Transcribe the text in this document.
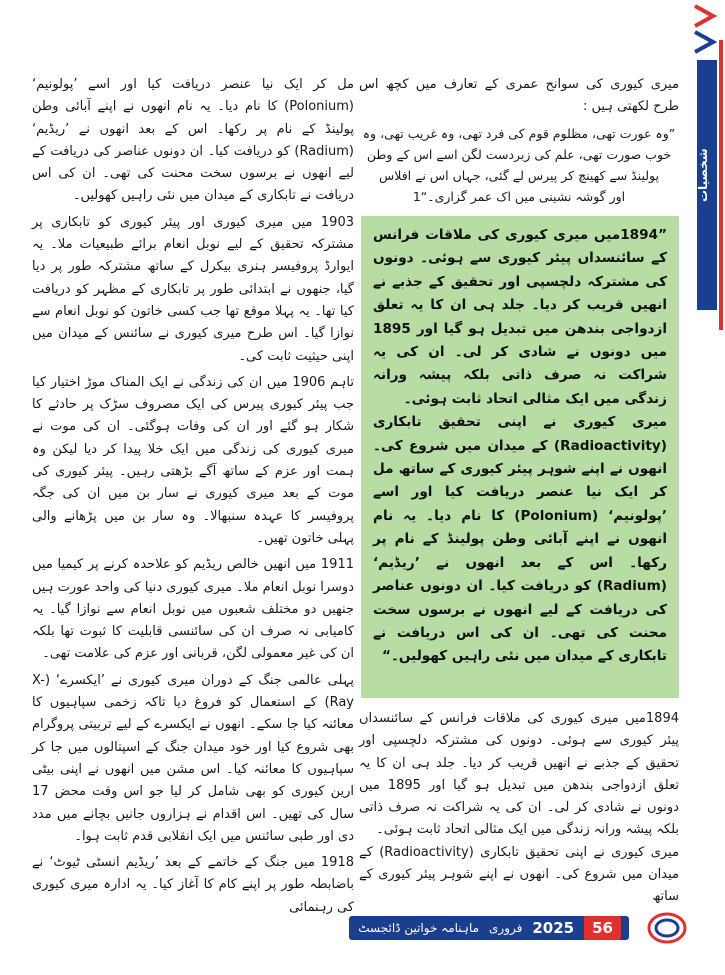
شخصیات

میری کیوری کی سوانح عمری کے تعارف میں کچھ اس طرح لکھتی ہیں :

”وہ عورت تھی، مظلوم قوم کی فرد تھی، وہ غریب تھی، وہ

خوب صورت تھی، علم کی زبردست لگن اسے اس کے وطن

پولینڈ سے کھینچ کر پیرس لے گئی، جہاں اس نے افلاس

اور گوشہ نشینی میں اک عمر گزاری۔“1

”1894میں میری کیوری کی ملاقات فرانس کے سائنسداں پیئر کیوری سے ہوئی۔ دونوں کی مشترکہ دلچسپی اور تحقیق کے جذبے نے انھیں قریب کر دیا۔ جلد ہی ان کا یہ تعلق ازدواجی بندھن میں تبدیل ہو گیا اور 1895 میں دونوں نے شادی کر لی۔ ان کی یہ شراکت نہ صرف ذاتی بلکہ پیشہ ورانہ زندگی میں ایک مثالی اتحاد ثابت ہوئی۔

میری کیوری نے اپنی تحقیق تابکاری (Radioactivity) کے میدان میں شروع کی۔ انھوں نے اپنے شوہر پیئر کیوری کے ساتھ مل کر ایک نیا عنصر دریافت کیا اور اسے ’پولونیم‘ (Polonium) کا نام دیا۔ یہ نام انھوں نے اپنے آبائی وطن پولینڈ کے نام پر رکھا۔ اس کے بعد انھوں نے ’ریڈیم‘ (Radium) کو دریافت کیا۔ ان دونوں عناصر کی دریافت کے لیے انھوں نے برسوں سخت محنت کی تھی۔ ان کی اس دریافت نے تابکاری کے میدان میں نئی راہیں کھولیں۔“

1894میں میری کیوری کی ملاقات فرانس کے سائنسداں پیئر کیوری سے ہوئی۔ دونوں کی مشترکہ دلچسپی اور تحقیق کے جذبے نے انھیں قریب کر دیا۔ جلد ہی ان کا یہ تعلق ازدواجی بندھن میں تبدیل ہو گیا اور 1895 میں دونوں نے شادی کر لی۔ ان کی یہ شراکت نہ صرف ذاتی بلکہ پیشہ ورانہ زندگی میں ایک مثالی اتحاد ثابت ہوئی۔

میری کیوری نے اپنی تحقیق تابکاری (Radioactivity) کے میدان میں شروع کی۔ انھوں نے اپنے شوہر پیئر کیوری کے ساتھ

مل کر ایک نیا عنصر دریافت کیا اور اسے ’پولونیم‘ (Polonium) کا نام دیا۔ یہ نام انھوں نے اپنے آبائی وطن پولینڈ کے نام پر رکھا۔ اس کے بعد انھوں نے ’ریڈیم‘ (Radium) کو دریافت کیا۔ ان دونوں عناصر کی دریافت کے لیے انھوں نے برسوں سخت محنت کی تھی۔ ان کی اس دریافت نے تابکاری کے میدان میں نئی راہیں کھولیں۔

1903 میں میری کیوری اور پیئر کیوری کو تابکاری پر مشترکہ تحقیق کے لیے نوبل انعام برائے طبیعیات ملا۔ یہ ایوارڈ پروفیسر ہنری بیکرل کے ساتھ مشترکہ طور پر دیا گیا، جنھوں نے ابتدائی طور پر تابکاری کے مظہر کو دریافت کیا تھا۔ یہ پہلا موقع تھا جب کسی خاتون کو نوبل انعام سے نوازا گیا۔ اس طرح میری کیوری نے سائنس کے میدان میں اپنی حیثیت ثابت کی۔

تاہم 1906 میں ان کی زندگی نے ایک المناک موڑ اختیار کیا جب پیئر کیوری پیرس کی ایک مصروف سڑک پر حادثے کا شکار ہو گئے اور ان کی وفات ہوگئی۔ ان کی موت نے میری کیوری کی زندگی میں ایک خلا پیدا کر دیا لیکن وہ ہمت اور عزم کے ساتھ آگے بڑھتی رہیں۔ پیئر کیوری کی موت کے بعد میری کیوری نے سار بن میں ان کی جگہ پروفیسر کا عہدہ سنبھالا۔ وہ سار بن میں پڑھانے والی پہلی خاتون تھیں۔

1911 میں انھیں خالص ریڈیم کو علاحدہ کرنے پر کیمیا میں دوسرا نوبل انعام ملا۔ میری کیوری دنیا کی واحد عورت ہیں جنھیں دو مختلف شعبوں میں نوبل انعام سے نوازا گیا۔ یہ کامیابی نہ صرف ان کی سائنسی قابلیت کا ثبوت تھا بلکہ ان کی غیر معمولی لگن، قربانی اور عزم کی علامت تھی۔

پہلی عالمی جنگ کے دوران میری کیوری نے ’ایکسرے‘ (X-Ray) کے استعمال کو فروغ دیا تاکہ زخمی سپاہیوں کا معائنہ کیا جا سکے۔ انھوں نے ایکسرے کے لیے تربیتی پروگرام بھی شروع کیا اور خود میدان جنگ کے اسپتالوں میں جا کر سپاہیوں کا معائنہ کیا۔ اس مشن میں انھوں نے اپنی بیٹی ارین کیوری کو بھی شامل کر لیا جو اس وقت محض 17 سال کی تھیں۔ اس اقدام نے ہزاروں جانیں بچانے میں مدد دی اور طبی سائنس میں ایک انقلابی قدم ثابت ہوا۔

1918 میں جنگ کے خاتمے کے بعد ’ریڈیم انسٹی ٹیوٹ‘ نے باضابطہ طور پر اپنے کام کا آغاز کیا۔ یہ ادارہ میری کیوری کی رہنمائی

56
2025
فروری
ماہنامہ خواتین ڈائجسٹ
